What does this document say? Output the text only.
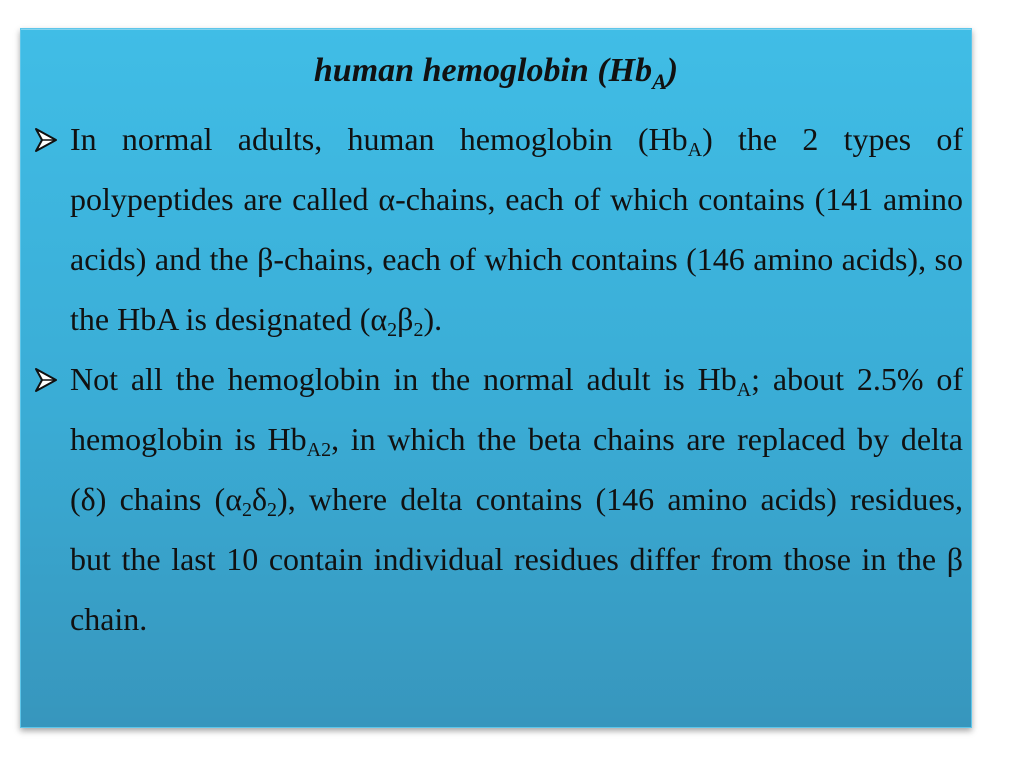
human hemoglobin $(Hb_A)$
In normal adults, human hemoglobin $(Hb_A)$ the 2 types of polypeptides are called α-chains, each of which contains (141 amino acids) and the β-chains, each of which contains (146 amino acids), so the HbA is designated $(\alpha_2\beta_2)$.
Not all the hemoglobin in the normal adult is $Hb_A$; about 2.5% of hemoglobin is $Hb_{A2}$, in which the beta chains are replaced by delta (δ) chains $(\alpha_2\delta_2)$, where delta contains (146 amino acids) residues, but the last 10 contain individual residues differ from those in the β chain.
